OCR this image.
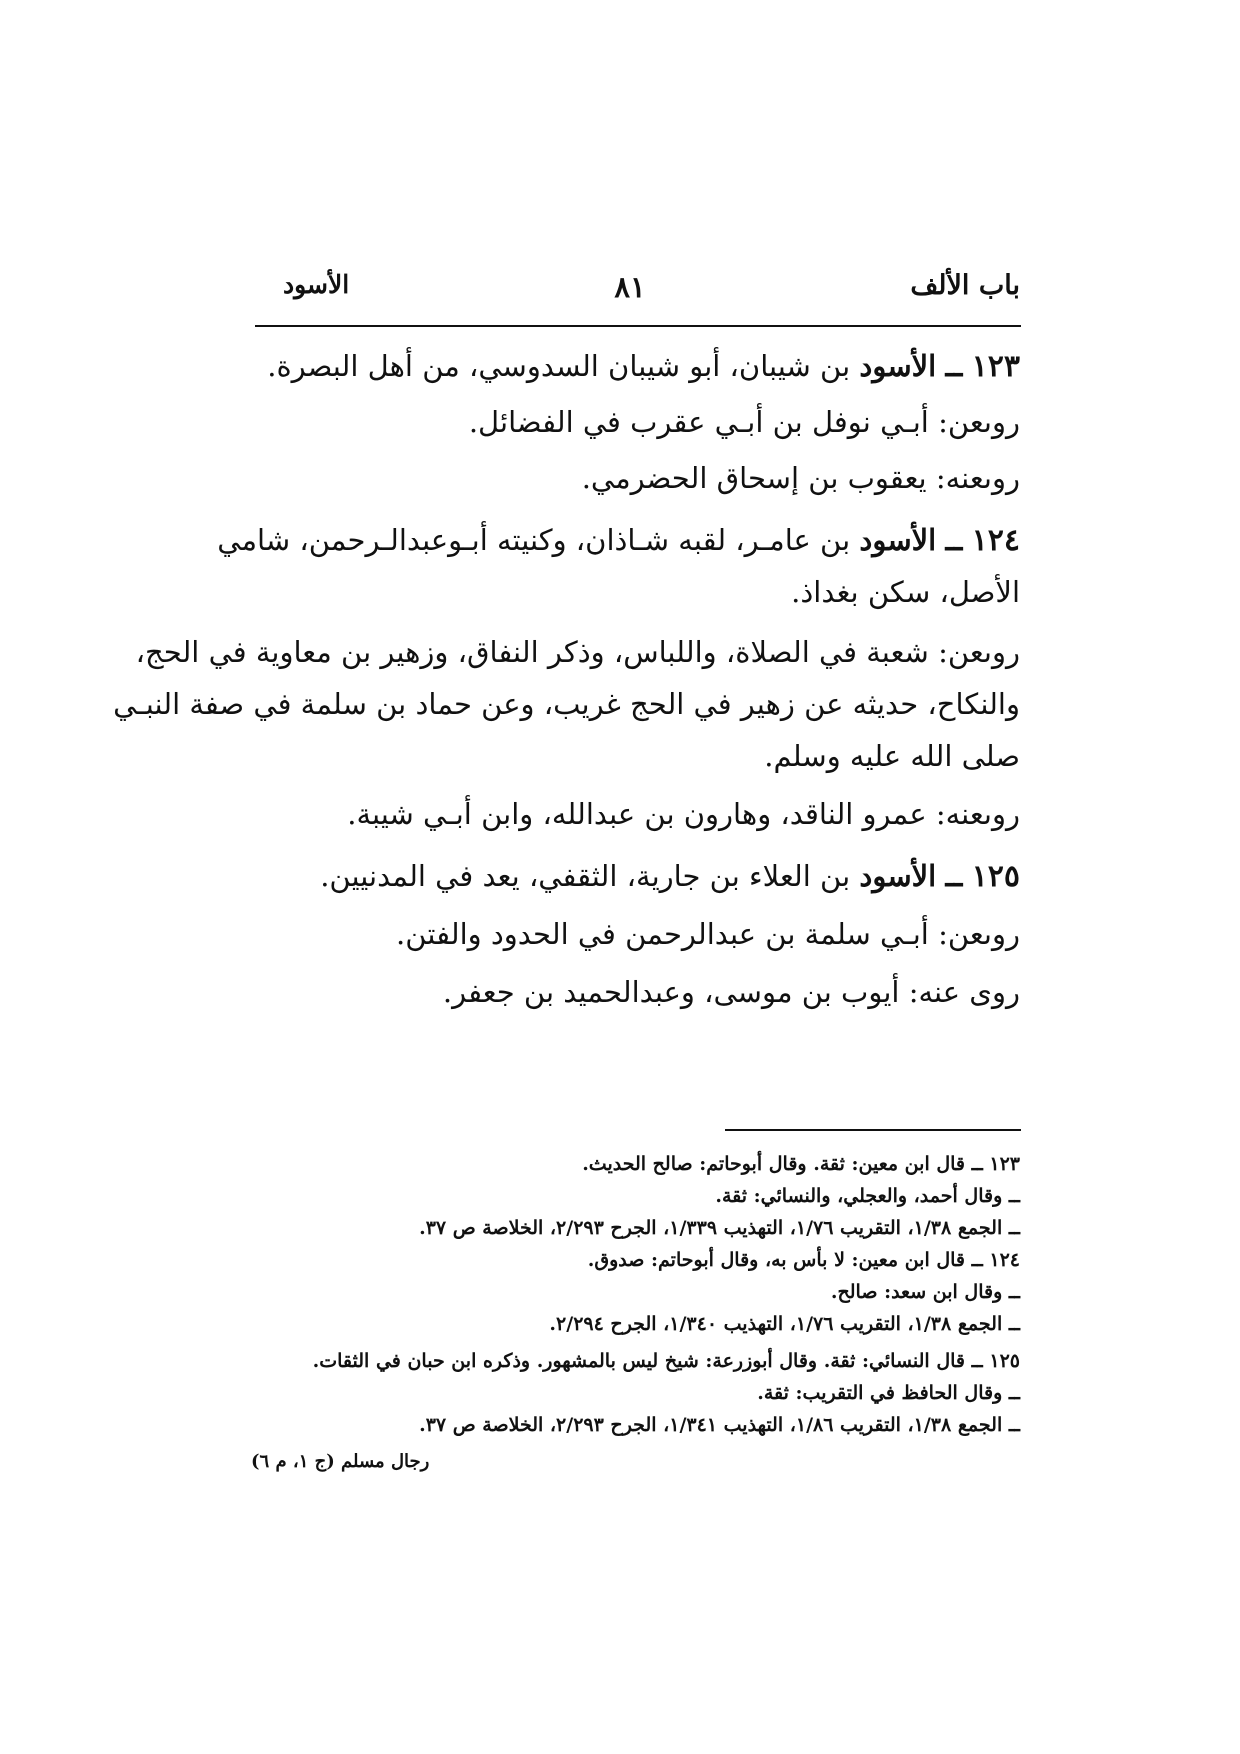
باب الألف
٨١
الأسود
١٢٣ ــ الأسود بن شيبان، أبو شيبان السدوسي، من أهل البصرة.
روىعن: أبـي نوفل بن أبـي عقرب في الفضائل.
روىعنه: يعقوب بن إسحاق الحضرمي.
١٢٤ ــ الأسود بن عامـر، لقبه شـاذان، وكنيته أبـوعبدالـرحمن، شامي
الأصل، سكن بغداذ.
روىعن: شعبة في الصلاة، واللباس، وذكر النفاق، وزهير بن معاوية في الحج،
والنكاح، حديثه عن زهير في الحج غريب، وعن حماد بن سلمة في صفة النبـي
صلى الله عليه وسلم.
روىعنه: عمرو الناقد، وهارون بن عبدالله، وابن أبـي شيبة.
١٢٥ ــ الأسود بن العلاء بن جارية، الثقفي، يعد في المدنيين.
روىعن: أبـي سلمة بن عبدالرحمن في الحدود والفتن.
روى عنه: أيوب بن موسى، وعبدالحميد بن جعفر.
١٢٣ ــ قال ابن معين: ثقة. وقال أبوحاتم: صالح الحديث.
ــ وقال أحمد، والعجلي، والنسائي: ثقة.
ــ الجمع ١/٣٨، التقريب ١/٧٦، التهذيب ١/٣٣٩، الجرح ٢/٢٩٣، الخلاصة ص ٣٧.
١٢٤ ــ قال ابن معين: لا بأس به، وقال أبوحاتم: صدوق.
ــ وقال ابن سعد: صالح.
ــ الجمع ١/٣٨، التقريب ١/٧٦، التهذيب ١/٣٤٠، الجرح ٢/٢٩٤.
١٢٥ ــ قال النسائي: ثقة. وقال أبوزرعة: شيخ ليس بالمشهور. وذكره ابن حبان في الثقات.
ــ وقال الحافظ في التقريب: ثقة.
ــ الجمع ١/٣٨، التقريب ١/٨٦، التهذيب ١/٣٤١، الجرح ٢/٢٩٣، الخلاصة ص ٣٧.
رجال مسلم (ج ١، م ٦)
